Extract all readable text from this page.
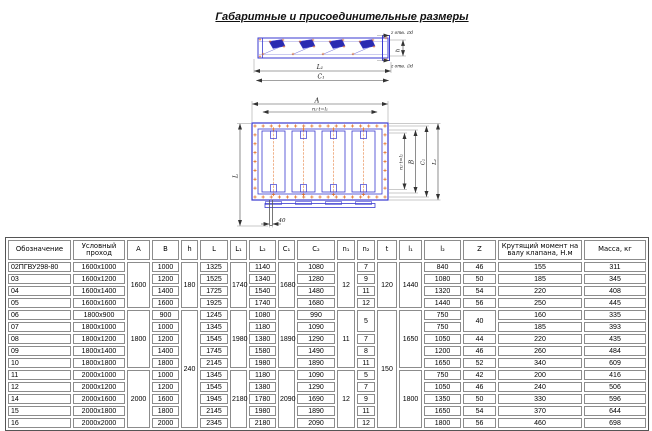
Габаритные и присоединительные размеры
h
z отв. ∅d
z отв. ∅d
L₁
C₁
A
n₁·t=l₁
L
n₂·t=l₂ B C₂ L₂
40
Обозначение	Условный проход	A	B	h	L	L₁	L₂	C₁	C₂	n₁	n₂	t	l₁	l₂	Z	Крутящий момент на валу клапана, Н.м	Масса, кг
02ПГВУ298-80	1600x1000	1600	1000	180	1325	1740	1140	1680	1080	12	7	120	1440	840	46	155	311
03	1600x1200		1200		1525		1340		1280		9			1080	50	185	345
04	1600x1400		1400		1725		1540		1480		11			1320	54	220	408
05	1600x1600		1600		1925		1740		1680		12			1440	56	250	445
06	1800x900	1800	900	240	1245	1980	1080	1890	990	11	5	150	1650	750	40	160	335
07	1800x1000		1000		1345		1180		1090					750		185	393
08	1800x1200		1200		1545		1380		1290		7			1050	44	220	435
09	1800x1400		1400		1745		1580		1490		8			1200	46	260	484
10	1800x1800		1800		2145		1980		1890		11			1650	52	340	609
11	2000x1000	2000	1000		1345	2180	1180	2090	1090	12	5		1800	750	42	200	416
12	2000x1200		1200		1545		1380		1290		7			1050	46	240	506
14	2000x1600		1600		1945		1780		1690		9			1350	50	330	596
15	2000x1800		1800		2145		1980		1890		11			1650	54	370	644
16	2000x2000		2000		2345		2180		2090		12			1800	56	460	698
